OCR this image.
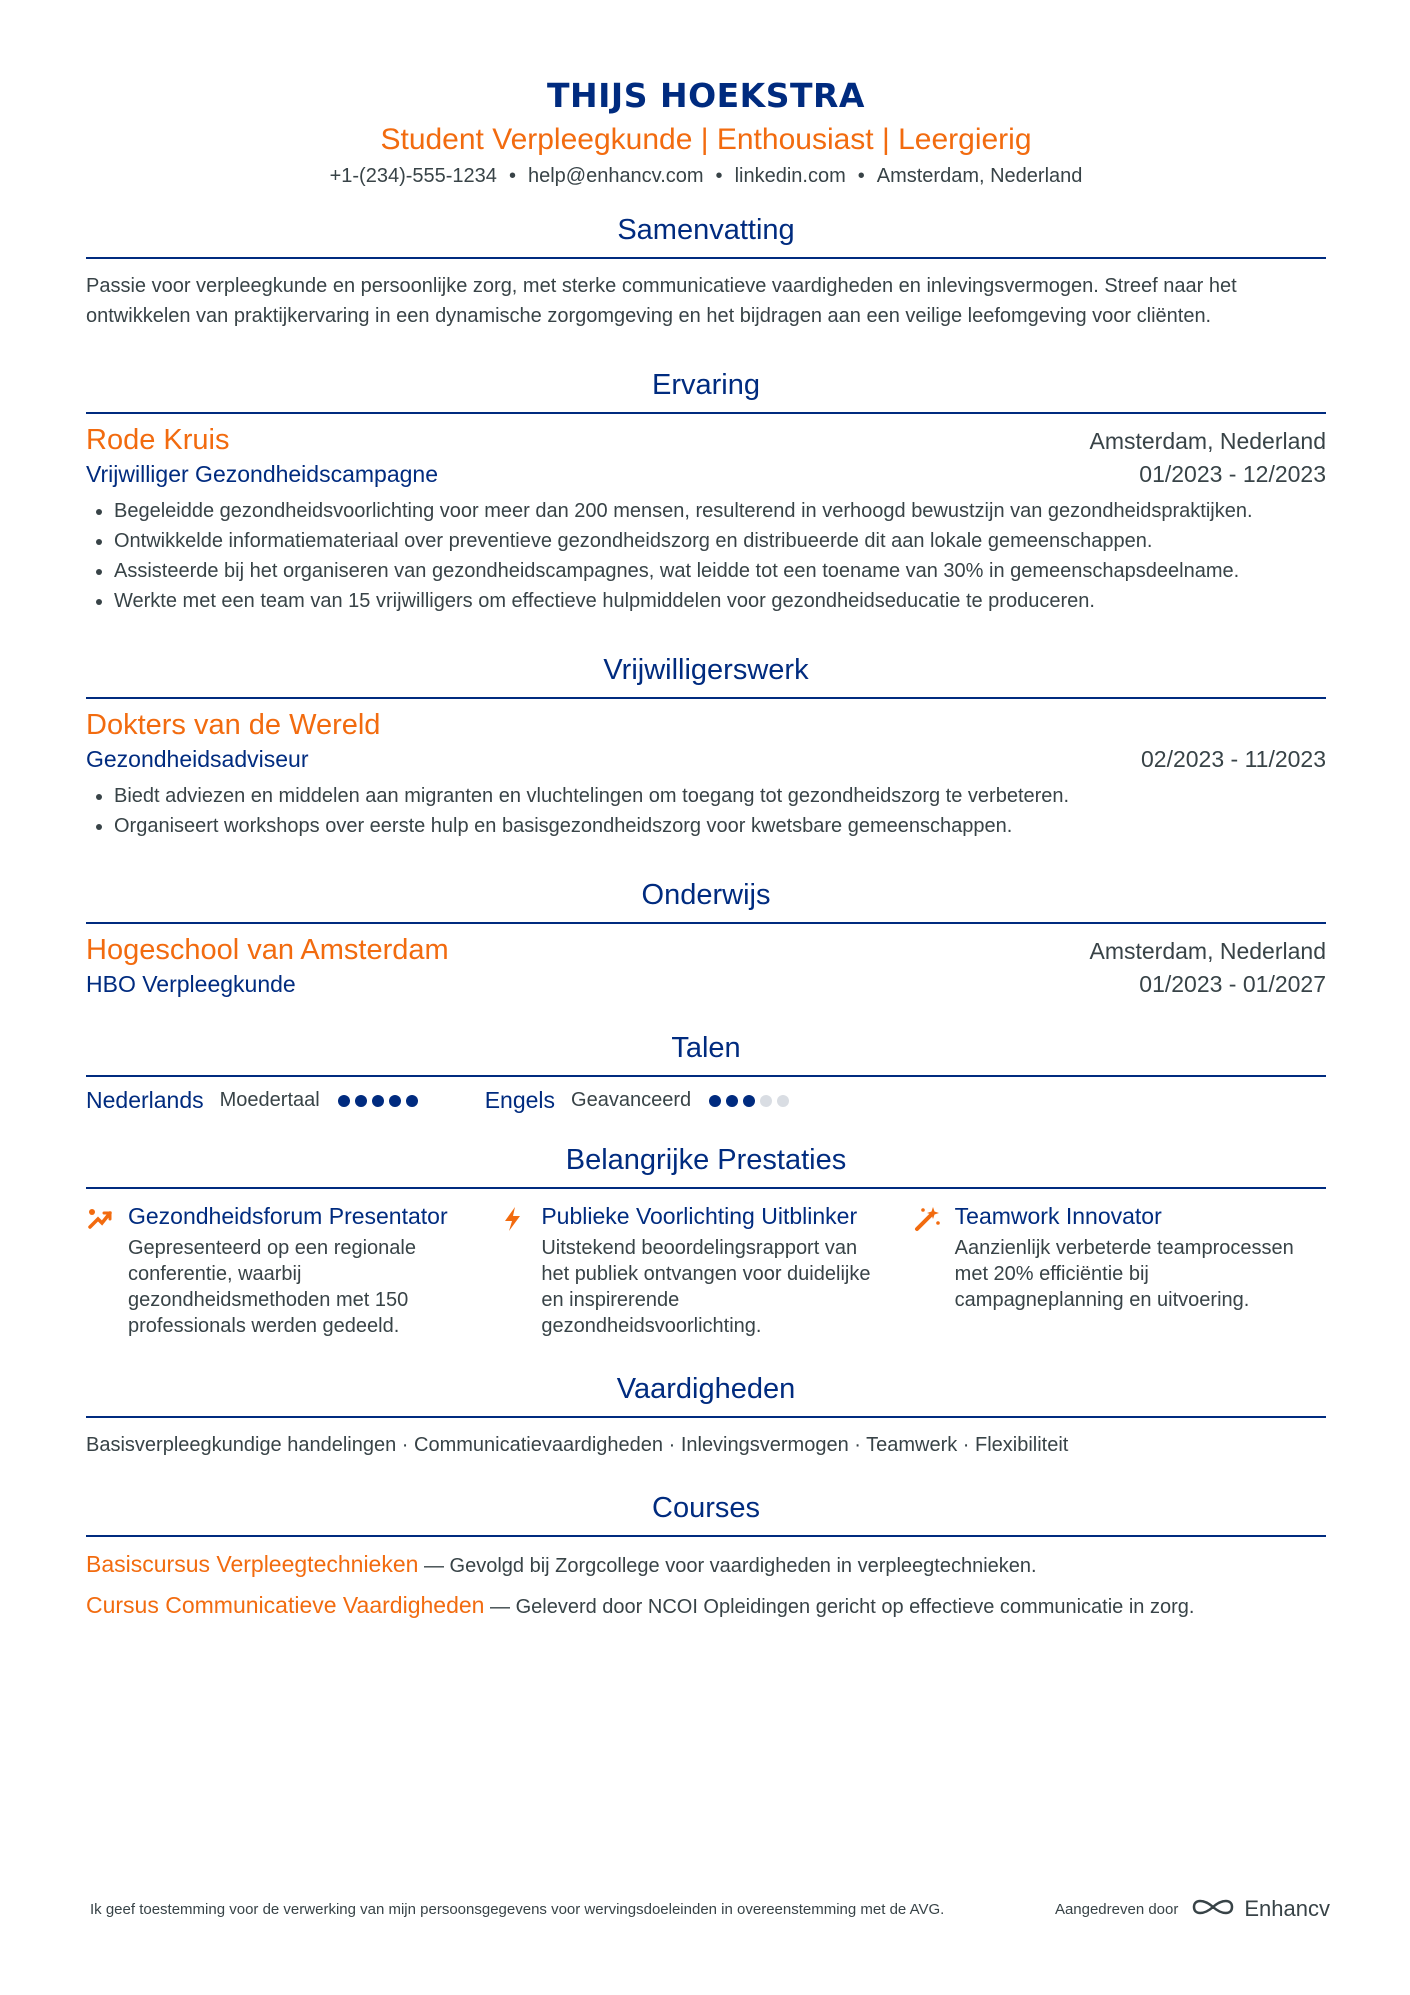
THIJS HOEKSTRA
Student Verpleegkunde | Enthousiast | Leergierig
+1-(234)-555-1234 • help@enhancv.com • linkedin.com • Amsterdam, Nederland
Samenvatting
Passie voor verpleegkunde en persoonlijke zorg, met sterke communicatieve vaardigheden en inlevingsvermogen. Streef naar het ontwikkelen van praktijkervaring in een dynamische zorgomgeving en het bijdragen aan een veilige leefomgeving voor cliënten.
Ervaring
Rode Kruis	Amsterdam, Nederland
Vrijwilliger Gezondheidscampagne	01/2023 - 12/2023
Begeleidde gezondheidsvoorlichting voor meer dan 200 mensen, resulterend in verhoogd bewustzijn van gezondheidspraktijken.
Ontwikkelde informatiemateriaal over preventieve gezondheidszorg en distribueerde dit aan lokale gemeenschappen.
Assisteerde bij het organiseren van gezondheidscampagnes, wat leidde tot een toename van 30% in gemeenschapsdeelname.
Werkte met een team van 15 vrijwilligers om effectieve hulpmiddelen voor gezondheidseducatie te produceren.
Vrijwilligerswerk
Dokters van de Wereld
Gezondheidsadviseur	02/2023 - 11/2023
Biedt adviezen en middelen aan migranten en vluchtelingen om toegang tot gezondheidszorg te verbeteren.
Organiseert workshops over eerste hulp en basisgezondheidszorg voor kwetsbare gemeenschappen.
Onderwijs
Hogeschool van Amsterdam	Amsterdam, Nederland
HBO Verpleegkunde	01/2023 - 01/2027
Talen
Nederlands Moedertaal	Engels Geavanceerd
Belangrijke Prestaties
Gezondheidsforum Presentator
Gepresenteerd op een regionale conferentie, waarbij gezondheidsmethoden met 150 professionals werden gedeeld.
Publieke Voorlichting Uitblinker
Uitstekend beoordelingsrapport van het publiek ontvangen voor duidelijke en inspirerende gezondheidsvoorlichting.
Teamwork Innovator
Aanzienlijk verbeterde teamprocessen met 20% efficiëntie bij campagneplanning en uitvoering.
Vaardigheden
Basisverpleegkundige handelingen · Communicatievaardigheden · Inlevingsvermogen · Teamwerk · Flexibiliteit
Courses
Basiscursus Verpleegtechnieken — Gevolgd bij Zorgcollege voor vaardigheden in verpleegtechnieken.
Cursus Communicatieve Vaardigheden — Geleverd door NCOI Opleidingen gericht op effectieve communicatie in zorg.
Ik geef toestemming voor de verwerking van mijn persoonsgegevens voor wervingsdoeleinden in overeenstemming met de AVG.	Aangedreven door	Enhancv
